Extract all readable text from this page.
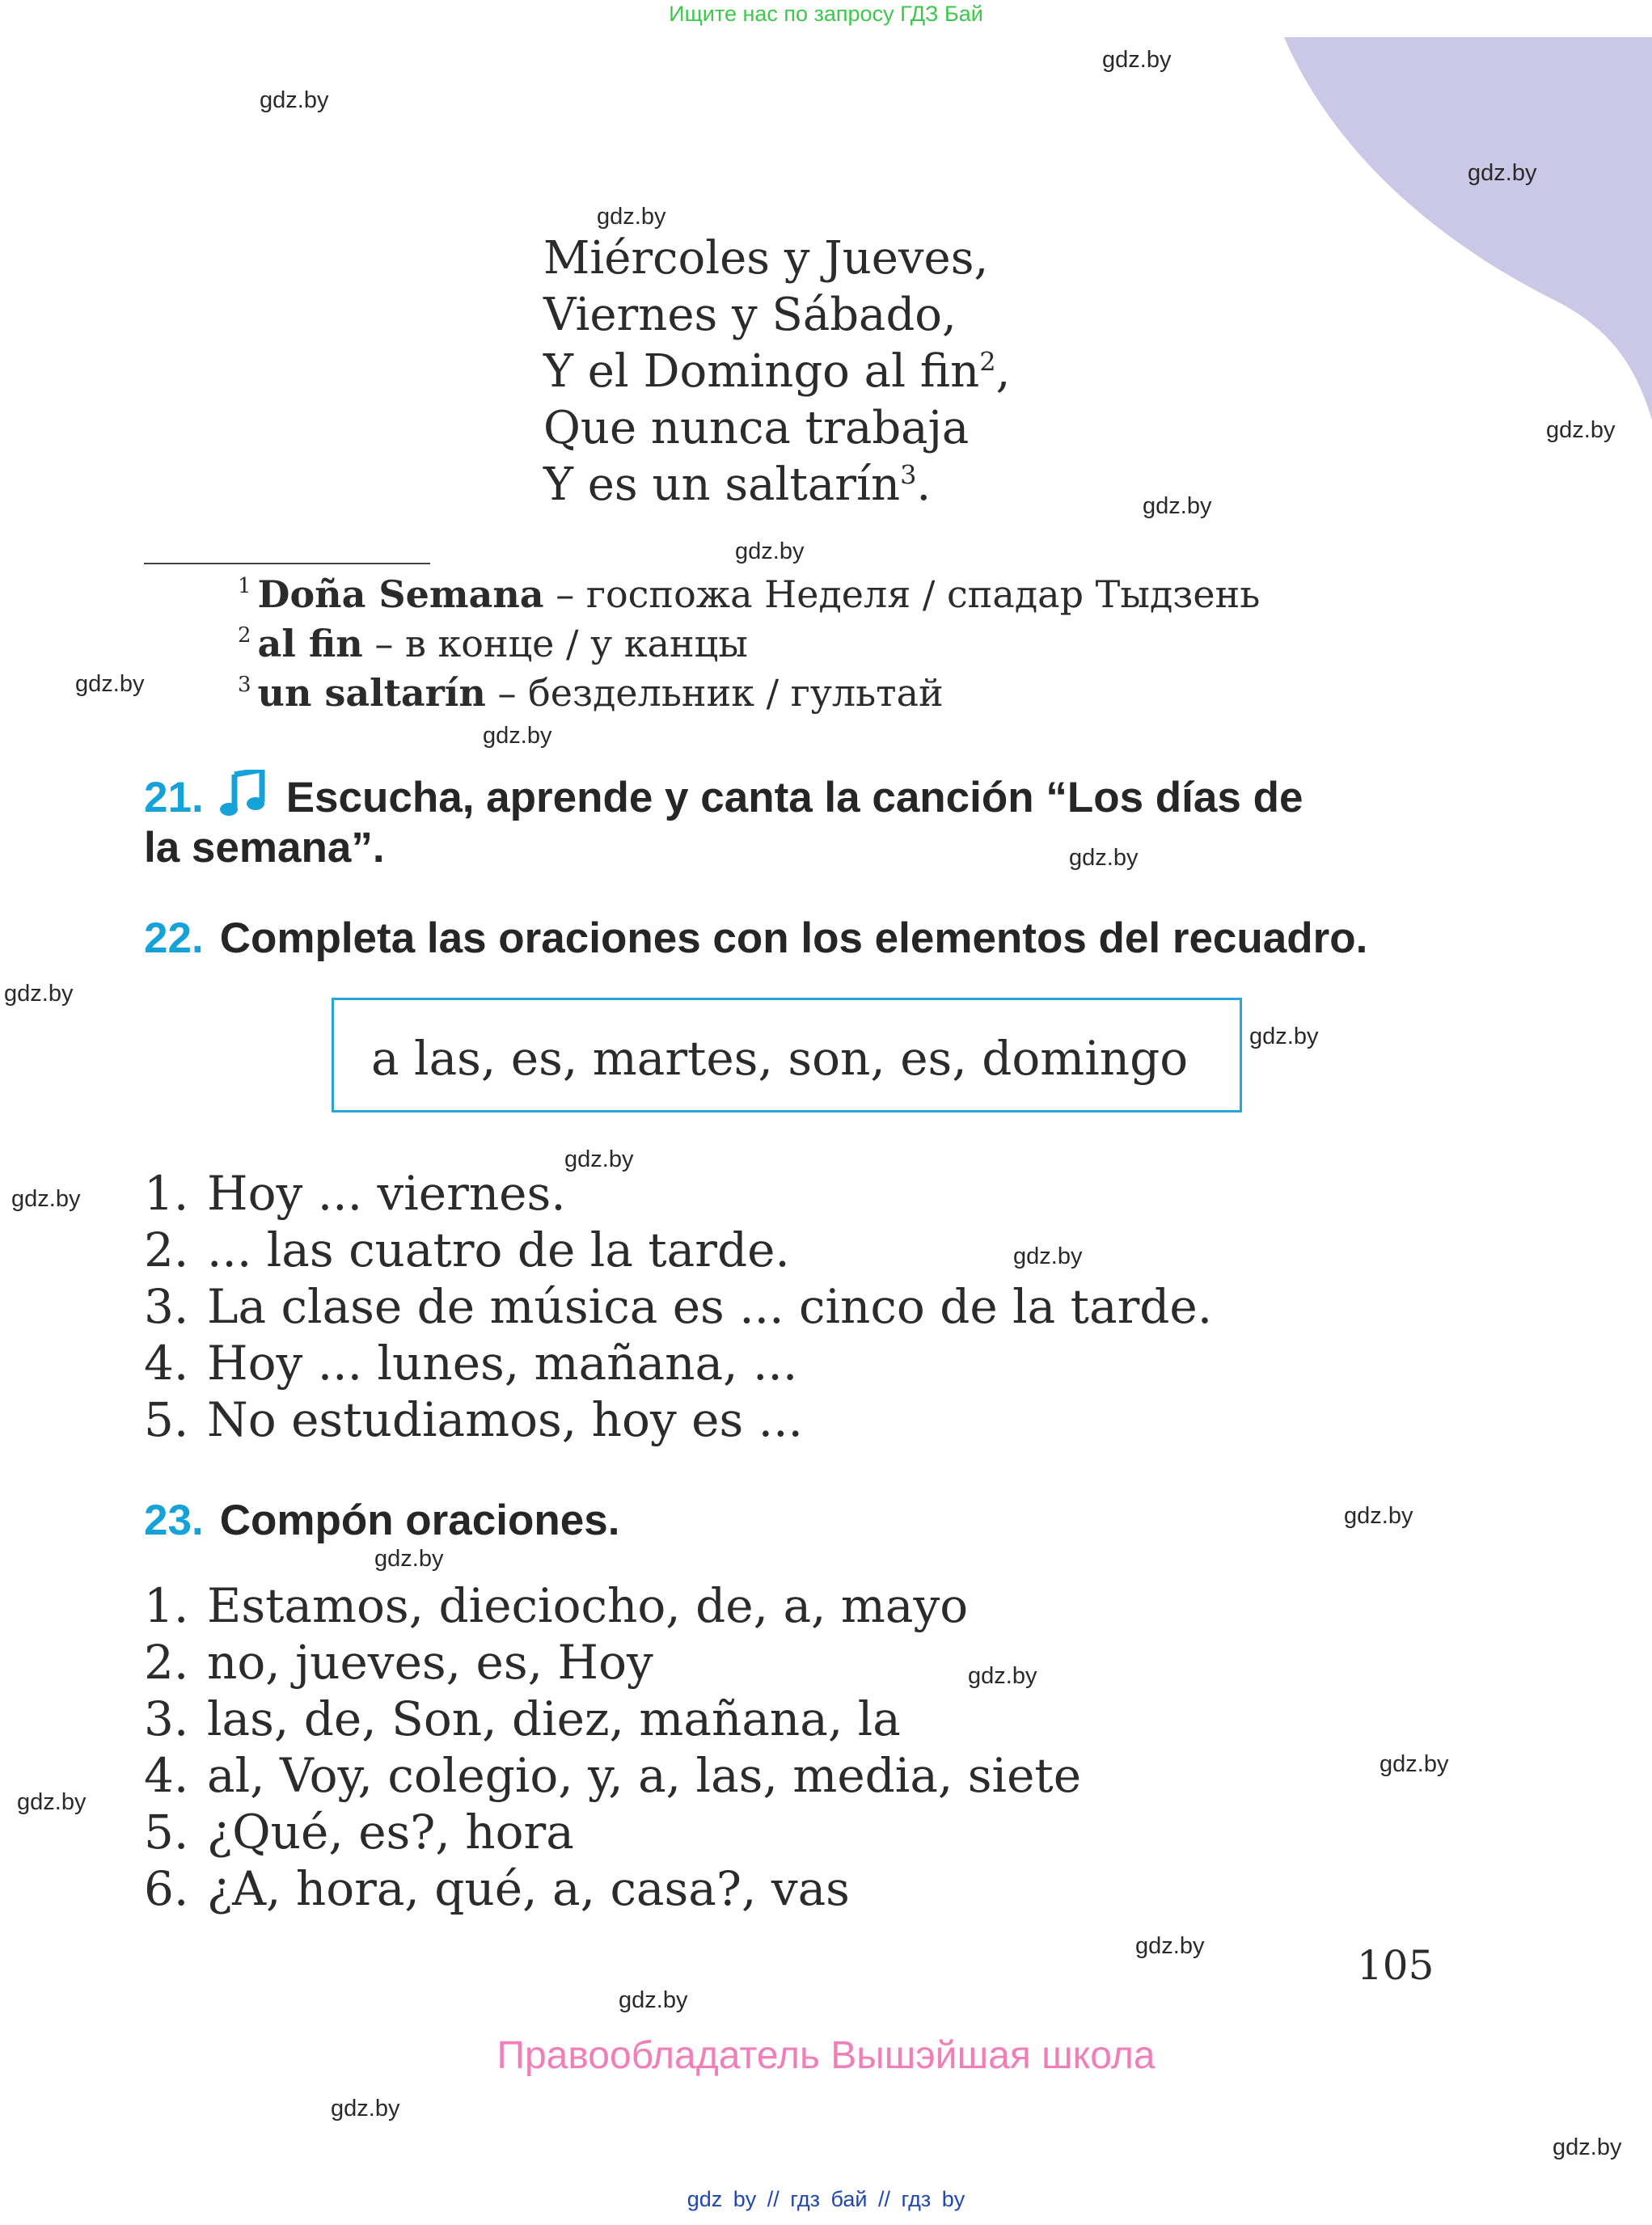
Ищите нас по запросу ГДЗ Бай
gdz.by
gdz.by
gdz.by
gdz.by
gdz.by
gdz.by
gdz.by
gdz.by
gdz.by
gdz.by
gdz.by
gdz.by
gdz.by
gdz.by
gdz.by
gdz.by
gdz.by
gdz.by
gdz.by
gdz.by
gdz.by
gdz.by
gdz.by
gdz.by
Miércoles y Jueves,
Viernes y Sábado,
Y el Domingo al fin$^2$,
Que nunca trabaja
Y es un saltarín$^3$.
$^1$ Doña Semana – госпожа Неделя / спадар Тыдзень
$^2$ al fin – в конце / у канцы
$^3$ un saltarín – бездельник / гультай
21. Escucha, aprende y canta la canción “Los días de
la semana”.
22. Completa las oraciones con los elementos del recuadro.
a las, es, martes, son, es, domingo
1. Hoy ... viernes.
2. ... las cuatro de la tarde.
3. La clase de música es ... cinco de la tarde.
4. Hoy ... lunes, mañana, ...
5. No estudiamos, hoy es ...
23. Compón oraciones.
1. Estamos, dieciocho, de, a, mayo
2. no, jueves, es, Hoy
3. las, de, Son, diez, mañana, la
4. al, Voy, colegio, y, a, las, media, siete
5. ¿Qué, es?, hora
6. ¿A, hora, qué, a, casa?, vas
105
Правообладатель Вышэйшая школа
gdz by // гдз бай // гдз by
